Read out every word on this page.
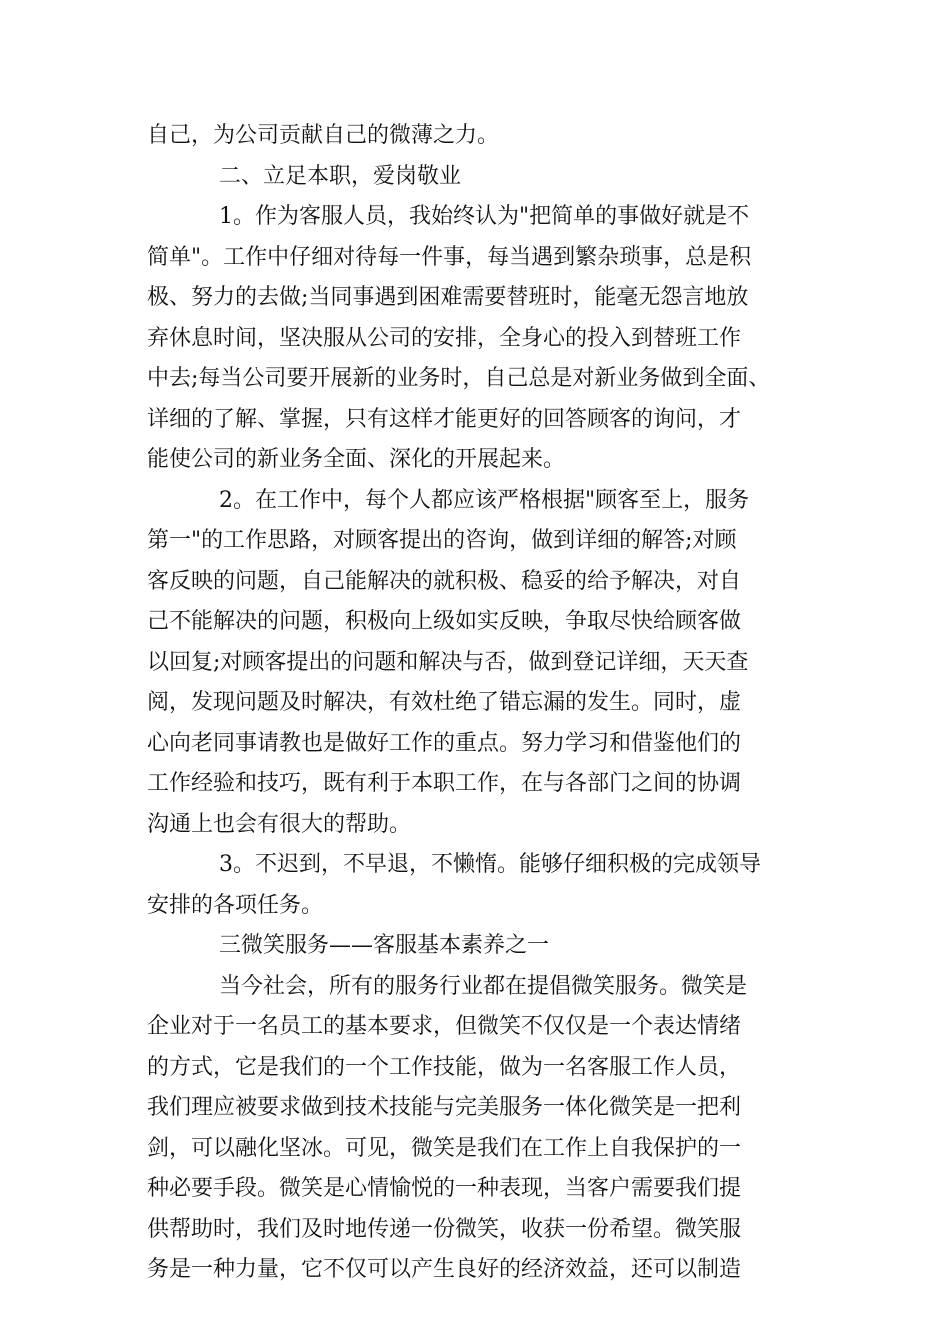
自己，为公司贡献自己的微薄之力。
二、立足本职，爱岗敬业
1。作为客服人员，我始终认为"把简单的事做好就是不
简单"。工作中仔细对待每一件事，每当遇到繁杂琐事，总是积
极、努力的去做;当同事遇到困难需要替班时，能毫无怨言地放
弃休息时间，坚决服从公司的安排，全身心的投入到替班工作
中去;每当公司要开展新的业务时，自己总是对新业务做到全面、
详细的了解、掌握，只有这样才能更好的回答顾客的询问，才
能使公司的新业务全面、深化的开展起来。
2。在工作中，每个人都应该严格根据"顾客至上，服务
第一"的工作思路，对顾客提出的咨询，做到详细的解答;对顾
客反映的问题，自己能解决的就积极、稳妥的给予解决，对自
己不能解决的问题，积极向上级如实反映，争取尽快给顾客做
以回复;对顾客提出的问题和解决与否，做到登记详细，天天查
阅，发现问题及时解决，有效杜绝了错忘漏的发生。同时，虚
心向老同事请教也是做好工作的重点。努力学习和借鉴他们的
工作经验和技巧，既有利于本职工作，在与各部门之间的协调
沟通上也会有很大的帮助。
3。不迟到，不早退，不懒惰。能够仔细积极的完成领导
安排的各项任务。
三微笑服务——客服基本素养之一
当今社会，所有的服务行业都在提倡微笑服务。微笑是
企业对于一名员工的基本要求，但微笑不仅仅是一个表达情绪
的方式，它是我们的一个工作技能，做为一名客服工作人员，
我们理应被要求做到技术技能与完美服务一体化微笑是一把利
剑，可以融化坚冰。可见，微笑是我们在工作上自我保护的一
种必要手段。微笑是心情愉悦的一种表现，当客户需要我们提
供帮助时，我们及时地传递一份微笑，收获一份希望。微笑服
务是一种力量，它不仅可以产生良好的经济效益，还可以制造
